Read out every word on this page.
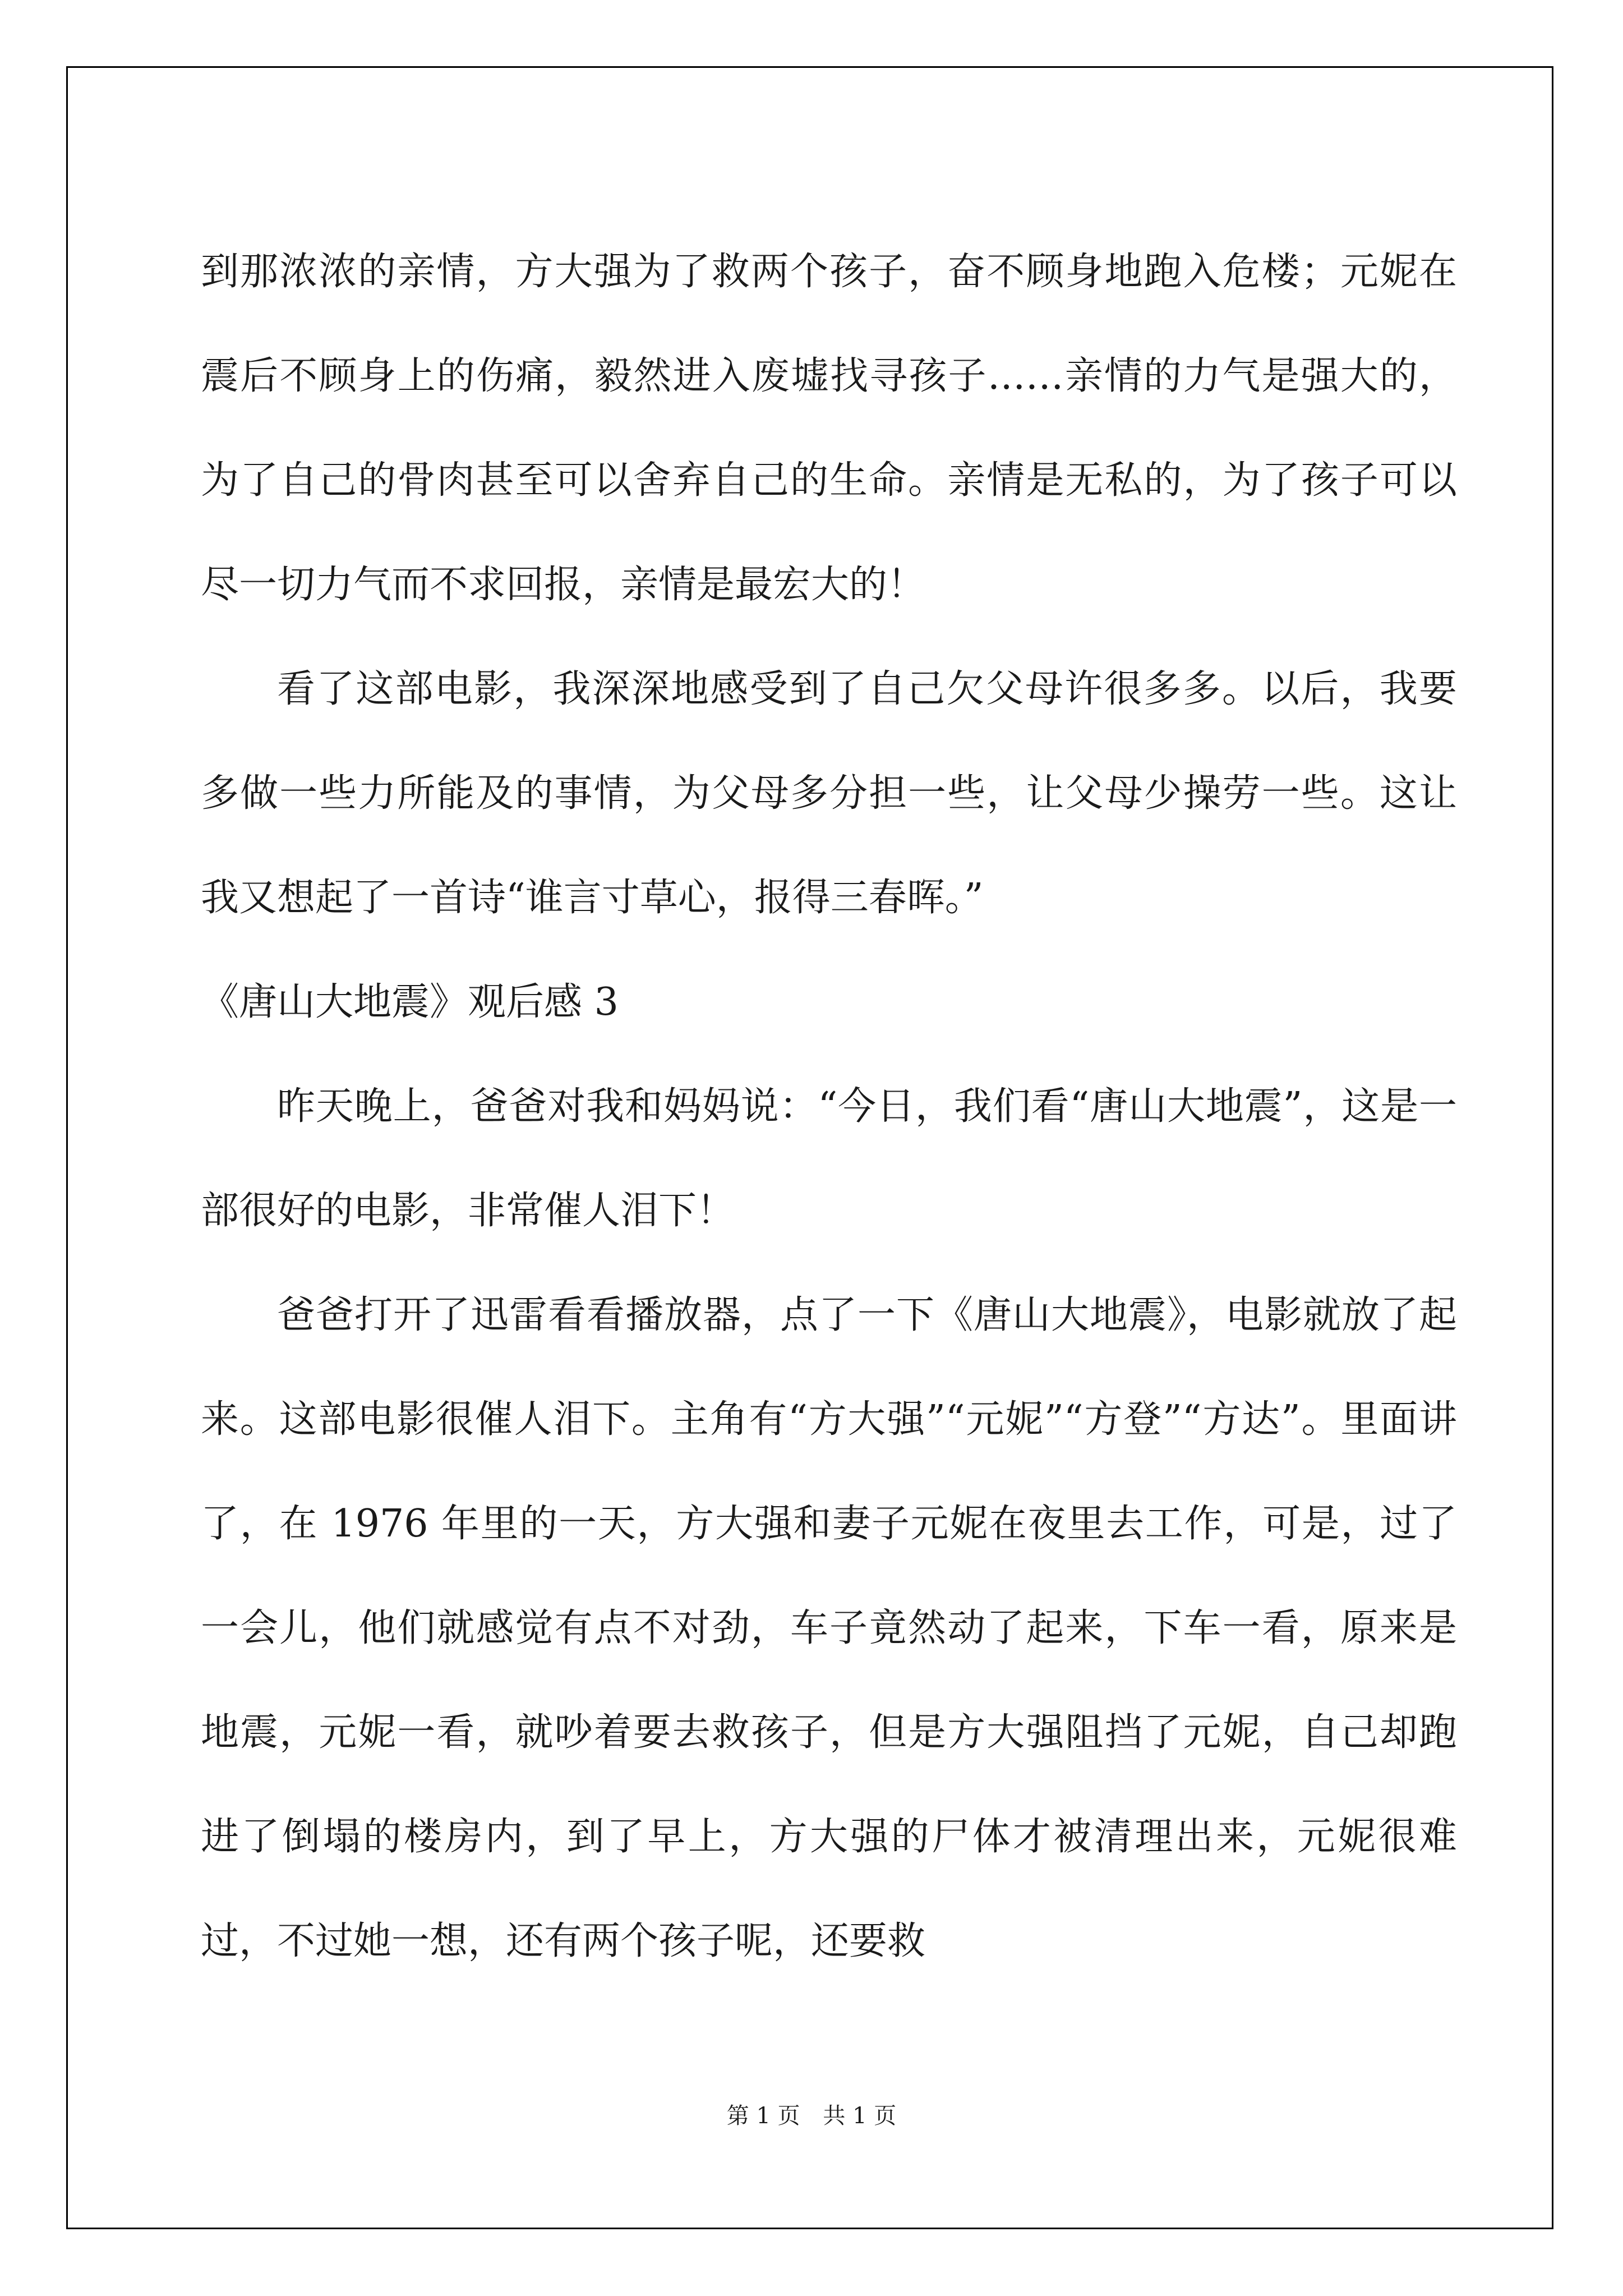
到那浓浓的亲情，方大强为了救两个孩子，奋不顾身地跑入危楼；元妮在震后不顾身上的伤痛，毅然进入废墟找寻孩子……亲情的力气是强大的，为了自己的骨肉甚至可以舍弃自己的生命。亲情是无私的，为了孩子可以尽一切力气而不求回报，亲情是最宏大的！

看了这部电影，我深深地感受到了自己欠父母许很多多。以后，我要多做一些力所能及的事情，为父母多分担一些，让父母少操劳一些。这让我又想起了一首诗“谁言寸草心，报得三春晖。”

《唐山大地震》观后感 3

昨天晚上，爸爸对我和妈妈说：“今日，我们看“唐山大地震”，这是一部很好的电影，非常催人泪下！

爸爸打开了迅雷看看播放器，点了一下《唐山大地震》，电影就放了起来。这部电影很催人泪下。主角有“方大强”“元妮”“方登”“方达”。里面讲了，在 1976 年里的一天，方大强和妻子元妮在夜里去工作，可是，过了一会儿，他们就感觉有点不对劲，车子竟然动了起来，下车一看，原来是地震，元妮一看，就吵着要去救孩子，但是方大强阻挡了元妮，自己却跑进了倒塌的楼房内，到了早上，方大强的尸体才被清理出来，元妮很难过，不过她一想，还有两个孩子呢，还要救

第 1 页 共 1 页
